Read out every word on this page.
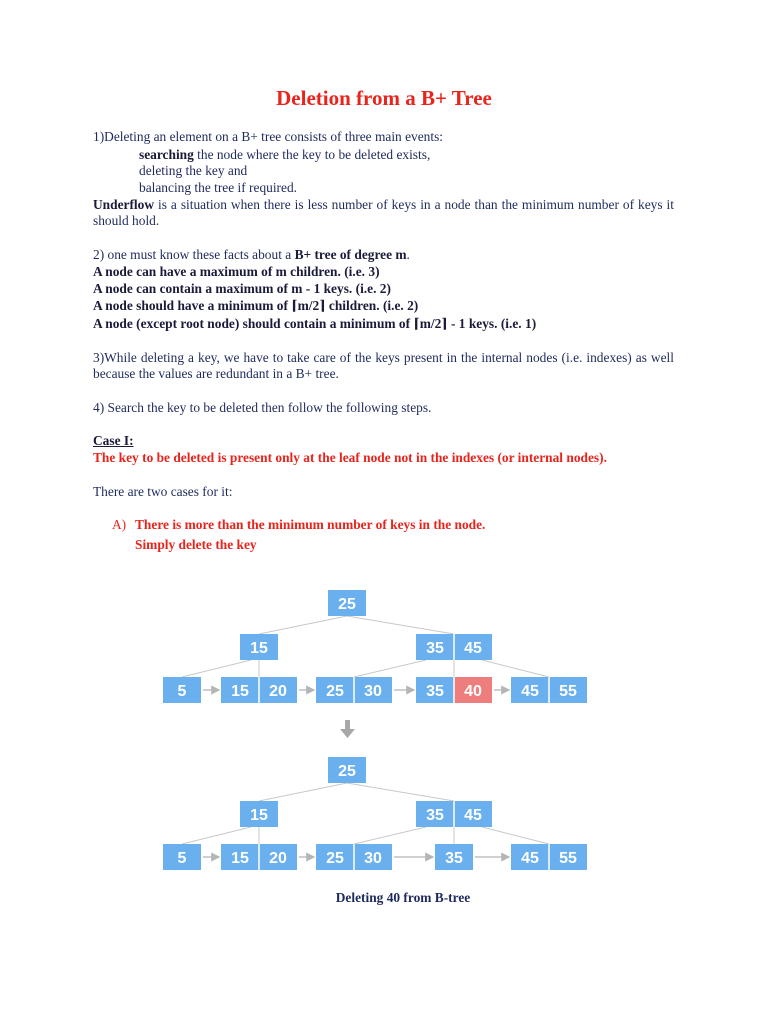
Deletion from a B+ Tree
1)Deleting an element on a B+ tree consists of three main events:
searching the node where the key to be deleted exists,
deleting the key and
balancing the tree if required.
Underflow is a situation when there is less number of keys in a node than the minimum number of keys it should hold.
2) one must know these facts about a B+ tree of degree m.
A node can have a maximum of m children. (i.e. 3)
A node can contain a maximum of m - 1 keys. (i.e. 2)
A node should have a minimum of ⌈m/2⌉ children. (i.e. 2)
A node (except root node) should contain a minimum of ⌈m/2⌉ - 1 keys. (i.e. 1)
3)While deleting a key, we have to take care of the keys present in the internal nodes (i.e. indexes) as well because the values are redundant in a B+ tree.
4) Search the key to be deleted then follow the following steps.
Case I:
The key to be deleted is present only at the leaf node not in the indexes (or internal nodes).
There are two cases for it:
A) There is more than the minimum number of keys in the node.
Simply delete the key
25
15	35 45
5	15 20 25 30	35 40 45 55
25
15	35 45
5	15 20 25 30	35	45 55
Deleting 40 from B-tree
